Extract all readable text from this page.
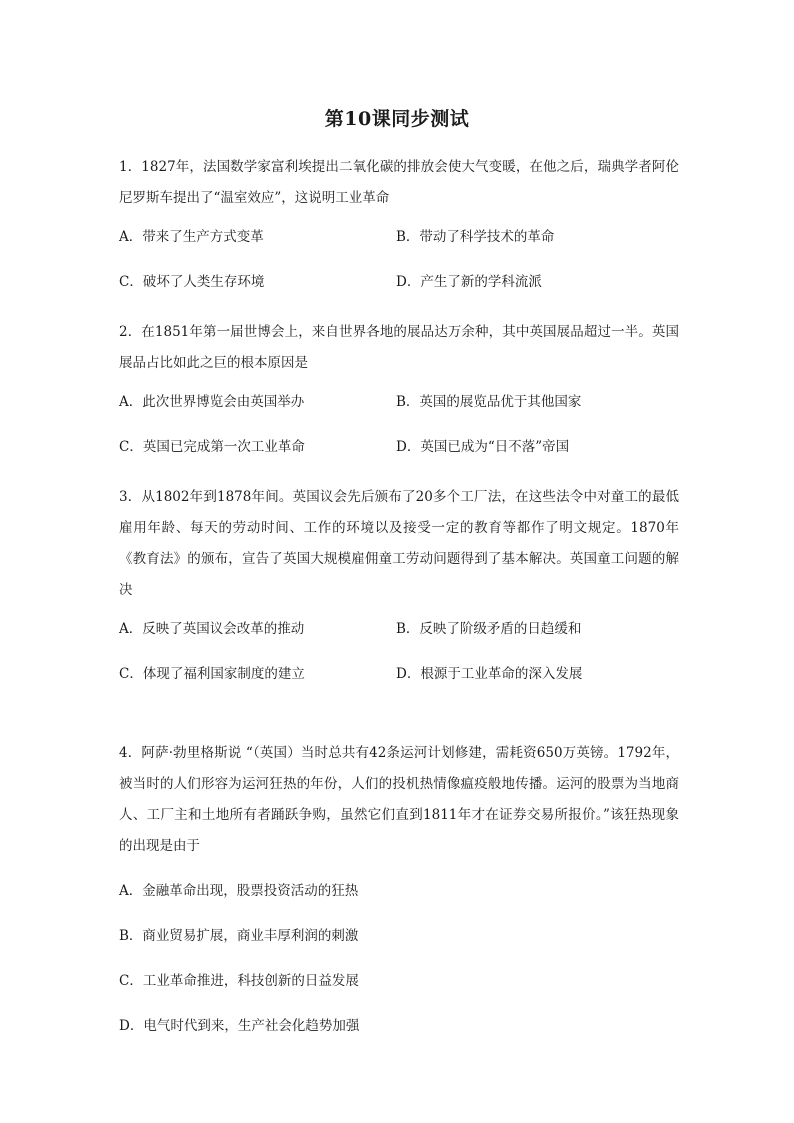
第10课同步测试

1．1827年，法国数学家富利埃提出二氧化碳的排放会使大气变暖，在他之后，瑞典学者阿伦尼罗斯车提出了“温室效应”，这说明工业革命

A．带来了生产方式变革	B．带动了科学技术的革命
C．破坏了人类生存环境	D．产生了新的学科流派

2．在1851年第一届世博会上，来自世界各地的展品达万余种，其中英国展品超过一半。英国展品占比如此之巨的根本原因是

A．此次世界博览会由英国举办	B．英国的展览品优于其他国家
C．英国已完成第一次工业革命	D．英国已成为“日不落”帝国

3．从1802年到1878年间。英国议会先后颁布了20多个工厂法，在这些法令中对童工的最低雇用年龄、每天的劳动时间、工作的环境以及接受一定的教育等都作了明文规定。1870年《教育法》的颁布，宣告了英国大规模雇佣童工劳动问题得到了基本解决。英国童工问题的解决

A．反映了英国议会改革的推动	B．反映了阶级矛盾的日趋缓和
C．体现了福利国家制度的建立	D．根源于工业革命的深入发展

4．阿萨·勃里格斯说 “（英国）当时总共有42条运河计划修建，需耗资650万英镑。1792年，被当时的人们形容为运河狂热的年份，人们的投机热情像瘟疫般地传播。运河的股票为当地商人、工厂主和土地所有者踊跃争购，虽然它们直到1811年才在证券交易所报价。”该狂热现象的出现是由于

A．金融革命出现，股票投资活动的狂热
B．商业贸易扩展，商业丰厚利润的刺激
C．工业革命推进，科技创新的日益发展
D．电气时代到来，生产社会化趋势加强
